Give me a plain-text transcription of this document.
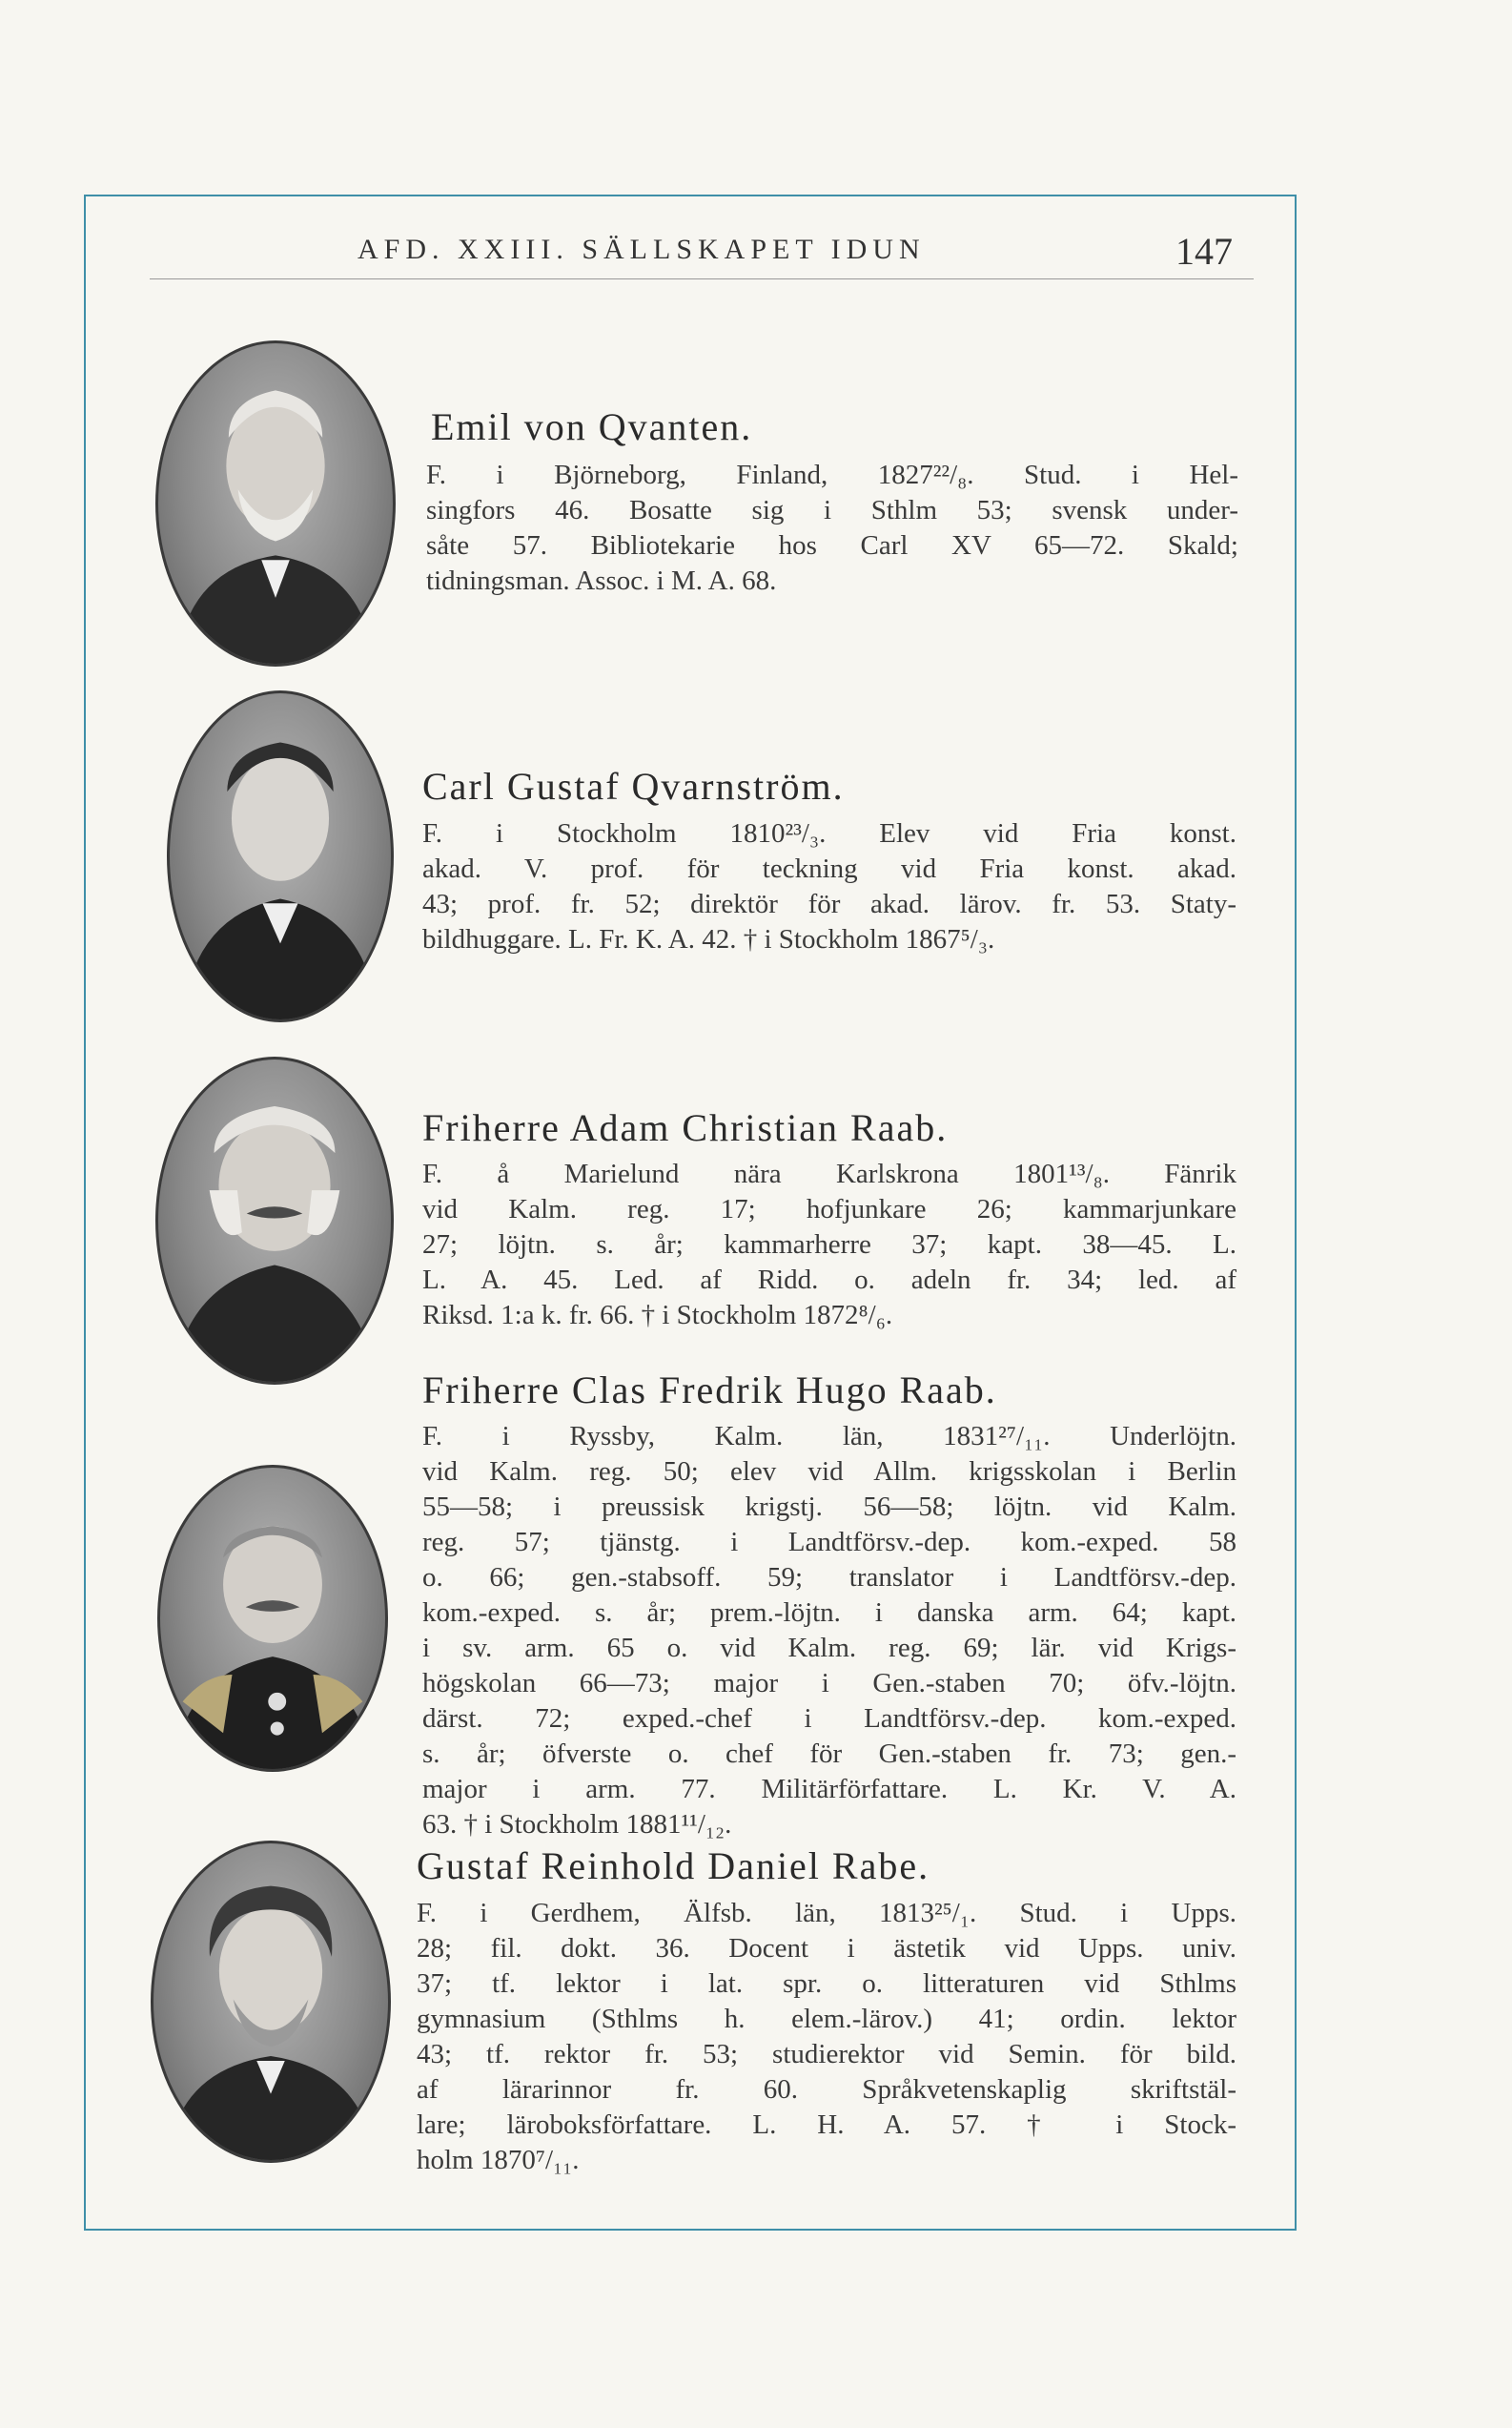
AFD. XXIII. SÄLLSKAPET IDUN	147
Emil von Qvanten.

F. i Björneborg, Finland, 1827²²/₈. Stud. i Hel-
singfors 46. Bosatte sig i Sthlm 53; svensk under-
såte 57. Bibliotekarie hos Carl XV 65—72. Skald;
tidningsman. Assoc. i M. A. 68.

Carl Gustaf Qvarnström.

F. i Stockholm 1810²³/₃. Elev vid Fria konst.
akad. V. prof. för teckning vid Fria konst. akad.
43; prof. fr. 52; direktör för akad. lärov. fr. 53. Staty-
bildhuggare. L. Fr. K. A. 42. † i Stockholm 1867⁵/₃.

Friherre Adam Christian Raab.

F. å Marielund nära Karlskrona 1801¹³/₈. Fänrik
vid Kalm. reg. 17; hofjunkare 26; kammarjunkare
27; löjtn. s. år; kammarherre 37; kapt. 38—45. L.
L. A. 45. Led. af Ridd. o. adeln fr. 34; led. af
Riksd. 1:a k. fr. 66. † i Stockholm 1872⁸/₆.

Friherre Clas Fredrik Hugo Raab.

F. i Ryssby, Kalm. län, 1831²⁷/₁₁. Underlöjtn.
vid Kalm. reg. 50; elev vid Allm. krigsskolan i Berlin
55—58; i preussisk krigstj. 56—58; löjtn. vid Kalm.
reg. 57; tjänstg. i Landtförsv.-dep. kom.-exped. 58
o. 66; gen.-stabsoff. 59; translator i Landtförsv.-dep.
kom.-exped. s. år; prem.-löjtn. i danska arm. 64; kapt.
i sv. arm. 65 o. vid Kalm. reg. 69; lär. vid Krigs-
högskolan 66—73; major i Gen.-staben 70; öfv.-löjtn.
därst. 72; exped.-chef i Landtförsv.-dep. kom.-exped.
s. år; öfverste o. chef för Gen.-staben fr. 73; gen.-
major i arm. 77. Militärförfattare. L. Kr. V. A.
63. † i Stockholm 1881¹¹/₁₂.

Gustaf Reinhold Daniel Rabe.

F. i Gerdhem, Älfsb. län, 1813²⁵/₁. Stud. i Upps.
28; fil. dokt. 36. Docent i ästetik vid Upps. univ.
37; tf. lektor i lat. spr. o. litteraturen vid Sthlms
gymnasium (Sthlms h. elem.-lärov.) 41; ordin. lektor
43; tf. rektor fr. 53; studierektor vid Semin. för bild.
af lärarinnor fr. 60. Språkvetenskaplig skriftstäl-
lare; läroboksförfattare. L. H. A. 57. † i Stock-
holm 1870⁷/₁₁.
